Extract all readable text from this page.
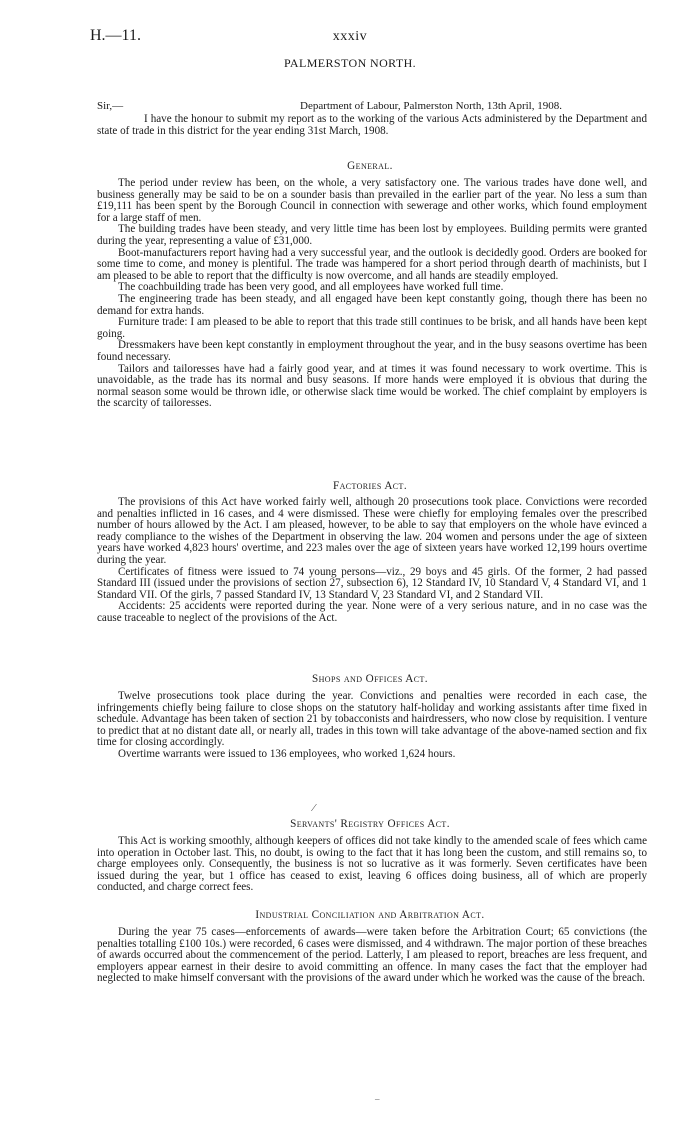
H.—11.	xxxiv
PALMERSTON NORTH.
Sir,—	Department of Labour, Palmerston North, 13th April, 1908.

I have the honour to submit my report as to the working of the various Acts administered by the Department and state of trade in this district for the year ending 31st March, 1908.

General.

The period under review has been, on the whole, a very satisfactory one. The various trades have done well, and business generally may be said to be on a sounder basis than prevailed in the earlier part of the year. No less a sum than £19,111 has been spent by the Borough Council in connection with sewerage and other works, which found employment for a large staff of men.

The building trades have been steady, and very little time has been lost by employees. Building permits were granted during the year, representing a value of £31,000.

Boot-manufacturers report having had a very successful year, and the outlook is decidedly good. Orders are booked for some time to come, and money is plentiful. The trade was hampered for a short period through dearth of machinists, but I am pleased to be able to report that the difficulty is now overcome, and all hands are steadily employed.

The coachbuilding trade has been very good, and all employees have worked full time.

The engineering trade has been steady, and all engaged have been kept constantly going, though there has been no demand for extra hands.

Furniture trade: I am pleased to be able to report that this trade still continues to be brisk, and all hands have been kept going.

Dressmakers have been kept constantly in employment throughout the year, and in the busy seasons overtime has been found necessary.

Tailors and tailoresses have had a fairly good year, and at times it was found necessary to work overtime. This is unavoidable, as the trade has its normal and busy seasons. If more hands were employed it is obvious that during the normal season some would be thrown idle, or otherwise slack time would be worked. The chief complaint by employers is the scarcity of tailoresses.

Factories Act.

The provisions of this Act have worked fairly well, although 20 prosecutions took place. Convictions were recorded and penalties inflicted in 16 cases, and 4 were dismissed. These were chiefly for employing females over the prescribed number of hours allowed by the Act. I am pleased, however, to be able to say that employers on the whole have evinced a ready compliance to the wishes of the Department in observing the law. 204 women and persons under the age of sixteen years have worked 4,823 hours' overtime, and 223 males over the age of sixteen years have worked 12,199 hours overtime during the year.

Certificates of fitness were issued to 74 young persons—viz., 29 boys and 45 girls. Of the former, 2 had passed Standard III (issued under the provisions of section 27, subsection 6), 12 Standard IV, 10 Standard V, 4 Standard VI, and 1 Standard VII. Of the girls, 7 passed Standard IV, 13 Standard V, 23 Standard VI, and 2 Standard VII.

Accidents: 25 accidents were reported during the year. None were of a very serious nature, and in no case was the cause traceable to neglect of the provisions of the Act.

Shops and Offices Act.

Twelve prosecutions took place during the year. Convictions and penalties were recorded in each case, the infringements chiefly being failure to close shops on the statutory half-holiday and working assistants after time fixed in schedule. Advantage has been taken of section 21 by tobacconists and hairdressers, who now close by requisition. I venture to predict that at no distant date all, or nearly all, trades in this town will take advantage of the above-named section and fix time for closing accordingly.

Overtime warrants were issued to 136 employees, who worked 1,624 hours.

⁄
Servants' Registry Offices Act.

This Act is working smoothly, although keepers of offices did not take kindly to the amended scale of fees which came into operation in October last. This, no doubt, is owing to the fact that it has long been the custom, and still remains so, to charge employees only. Consequently, the business is not so lucrative as it was formerly. Seven certificates have been issued during the year, but 1 office has ceased to exist, leaving 6 offices doing business, all of which are properly conducted, and charge correct fees.

Industrial Conciliation and Arbitration Act.

During the year 75 cases—enforcements of awards—were taken before the Arbitration Court; 65 convictions (the penalties totalling £100 10s.) were recorded, 6 cases were dismissed, and 4 withdrawn. The major portion of these breaches of awards occurred about the commencement of the period. Latterly, I am pleased to report, breaches are less frequent, and employers appear earnest in their desire to avoid committing an offence. In many cases the fact that the employer had neglected to make himself conversant with the provisions of the award under which he worked was the cause of the breach.

–
